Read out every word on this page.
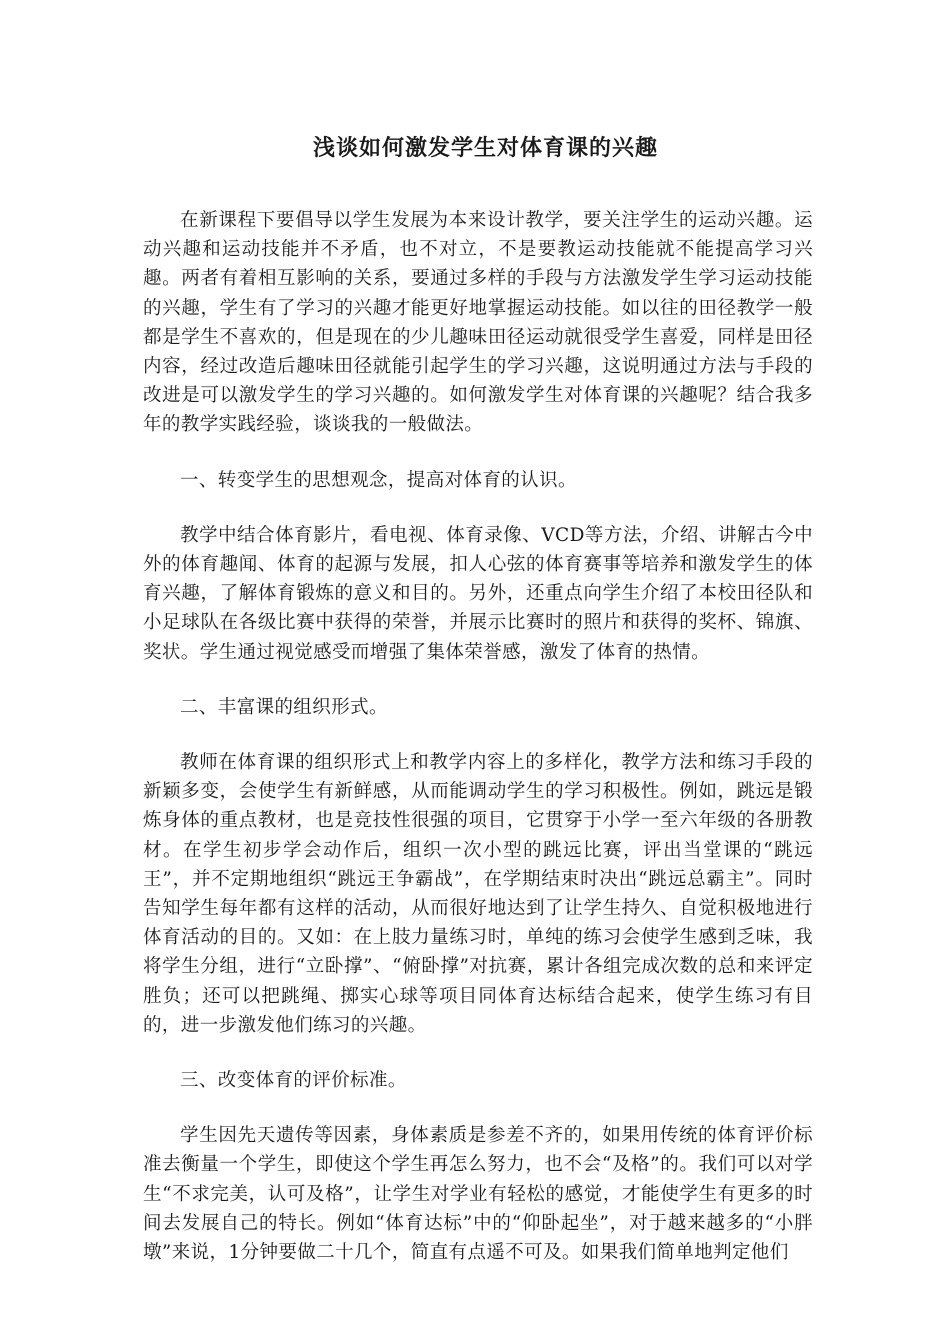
浅谈如何激发学生对体育课的兴趣

在新课程下要倡导以学生发展为本来设计教学，要关注学生的运动兴趣。运动兴趣和运动技能并不矛盾，也不对立，不是要教运动技能就不能提高学习兴趣。两者有着相互影响的关系，要通过多样的手段与方法激发学生学习运动技能的兴趣，学生有了学习的兴趣才能更好地掌握运动技能。如以往的田径教学一般都是学生不喜欢的，但是现在的少儿趣味田径运动就很受学生喜爱，同样是田径内容，经过改造后趣味田径就能引起学生的学习兴趣，这说明通过方法与手段的改进是可以激发学生的学习兴趣的。如何激发学生对体育课的兴趣呢？结合我多年的教学实践经验，谈谈我的一般做法。

一、转变学生的思想观念，提高对体育的认识。

教学中结合体育影片，看电视、体育录像、VCD等方法，介绍、讲解古今中外的体育趣闻、体育的起源与发展，扣人心弦的体育赛事等培养和激发学生的体育兴趣，了解体育锻炼的意义和目的。另外，还重点向学生介绍了本校田径队和小足球队在各级比赛中获得的荣誉，并展示比赛时的照片和获得的奖杯、锦旗、奖状。学生通过视觉感受而增强了集体荣誉感，激发了体育的热情。

二、丰富课的组织形式。

教师在体育课的组织形式上和教学内容上的多样化，教学方法和练习手段的新颖多变，会使学生有新鲜感，从而能调动学生的学习积极性。例如，跳远是锻炼身体的重点教材，也是竞技性很强的项目，它贯穿于小学一至六年级的各册教材。在学生初步学会动作后，组织一次小型的跳远比赛，评出当堂课的“跳远王”，并不定期地组织“跳远王争霸战”，在学期结束时决出“跳远总霸主”。同时告知学生每年都有这样的活动，从而很好地达到了让学生持久、自觉积极地进行体育活动的目的。又如：在上肢力量练习时，单纯的练习会使学生感到乏味，我将学生分组，进行“立卧撑”、“俯卧撑”对抗赛，累计各组完成次数的总和来评定胜负；还可以把跳绳、掷实心球等项目同体育达标结合起来，使学生练习有目的，进一步激发他们练习的兴趣。

三、改变体育的评价标准。

学生因先天遗传等因素，身体素质是参差不齐的，如果用传统的体育评价标准去衡量一个学生，即使这个学生再怎么努力，也不会“及格”的。我们可以对学生“不求完美，认可及格”，让学生对学业有轻松的感觉，才能使学生有更多的时间去发展自己的特长。例如“体育达标”中的“仰卧起坐”，对于越来越多的“小胖墩”来说，1分钟要做二十几个，简直有点遥不可及。如果我们简单地判定他们
